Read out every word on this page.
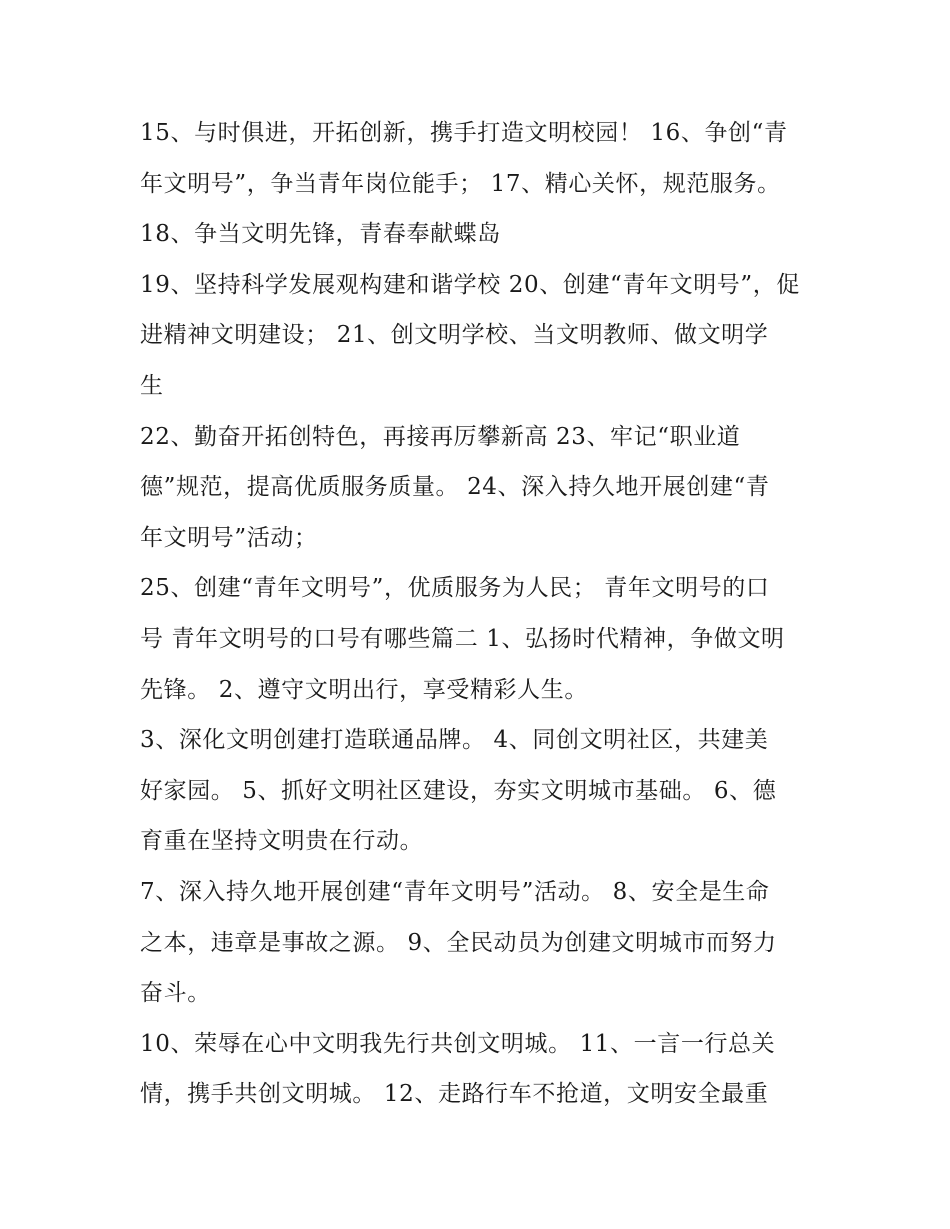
15、与时俱进，开拓创新，携手打造文明校园！ 16、争创“青
年文明号”，争当青年岗位能手； 17、精心关怀，规范服务。
18、争当文明先锋，青春奉献蝶岛
19、坚持科学发展观构建和谐学校 20、创建“青年文明号”，促
进精神文明建设； 21、创文明学校、当文明教师、做文明学
生
22、勤奋开拓创特色，再接再厉攀新高 23、牢记“职业道
德”规范，提高优质服务质量。 24、深入持久地开展创建“青
年文明号”活动；
25、创建“青年文明号”，优质服务为人民； 青年文明号的口
号 青年文明号的口号有哪些篇二 1、弘扬时代精神，争做文明
先锋。 2、遵守文明出行，享受精彩人生。
3、深化文明创建打造联通品牌。 4、同创文明社区，共建美
好家园。 5、抓好文明社区建设，夯实文明城市基础。 6、德
育重在坚持文明贵在行动。
7、深入持久地开展创建“青年文明号”活动。 8、安全是生命
之本，违章是事故之源。 9、全民动员为创建文明城市而努力
奋斗。
10、荣辱在心中文明我先行共创文明城。 11、一言一行总关
情，携手共创文明城。 12、走路行车不抢道，文明安全最重
